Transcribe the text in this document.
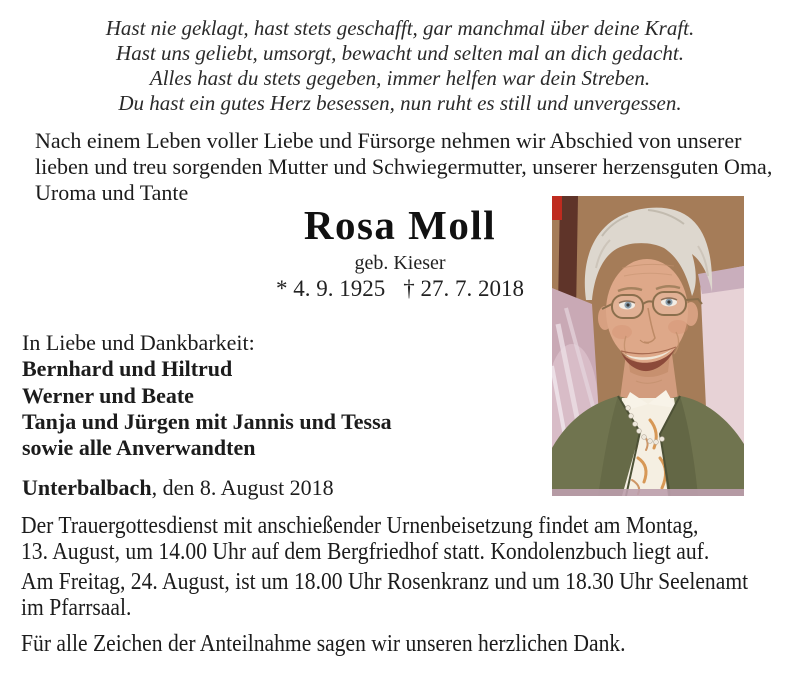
Hast nie geklagt, hast stets geschafft, gar manchmal über deine Kraft.
Hast uns geliebt, umsorgt, bewacht und selten mal an dich gedacht.
Alles hast du stets gegeben, immer helfen war dein Streben.
Du hast ein gutes Herz besessen, nun ruht es still und unvergessen.
Nach einem Leben voller Liebe und Fürsorge nehmen wir Abschied von unserer
lieben und treu sorgenden Mutter und Schwiegermutter, unserer herzensguten Oma,
Uroma und Tante
Rosa Moll
geb. Kieser
* 4. 9. 1925 † 27. 7. 2018
In Liebe und Dankbarkeit:
Bernhard und Hiltrud
Werner und Beate
Tanja und Jürgen mit Jannis und Tessa
sowie alle Anverwandten
Unterbalbach, den 8. August 2018
Der Trauergottesdienst mit anschießender Urnenbeisetzung findet am Montag,
13. August, um 14.00 Uhr auf dem Bergfriedhof statt. Kondolenzbuch liegt auf.
Am Freitag, 24. August, ist um 18.00 Uhr Rosenkranz und um 18.30 Uhr Seelenamt
im Pfarrsaal.
Für alle Zeichen der Anteilnahme sagen wir unseren herzlichen Dank.
